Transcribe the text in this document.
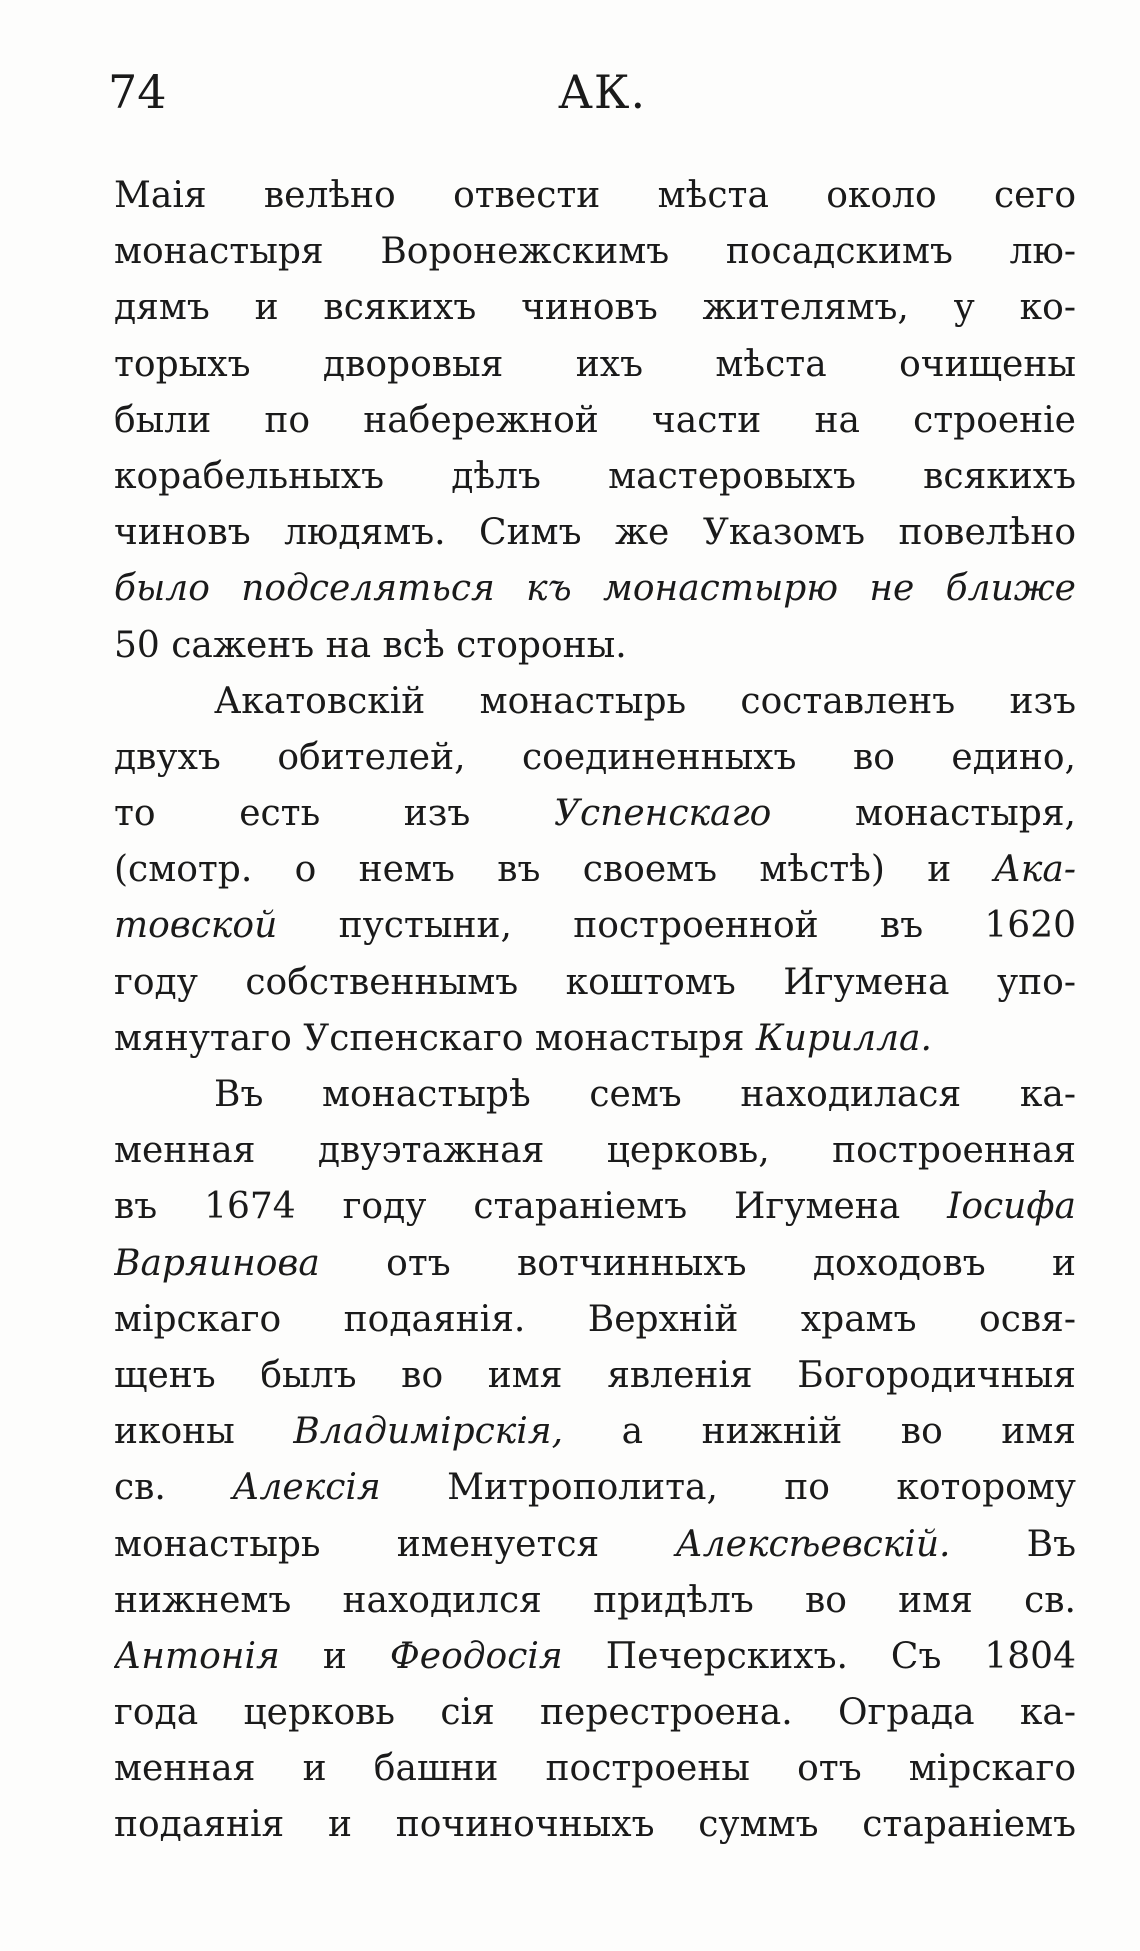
74	АК.
Маія велѣно отвести мѣста около сего
монастыря Воронежскимъ посадскимъ лю-
дямъ и всякихъ чиновъ жителямъ, у ко-
торыхъ дворовыя ихъ мѣста очищены
были по набережной части на строеніе
корабельныхъ дѣлъ мастеровыхъ всякихъ
чиновъ людямъ. Симъ же Указомъ повелѣно
было подселяться къ монастырю не ближе
50 саженъ на всѣ стороны.
Акатовскій монастырь составленъ изъ
двухъ обителей, соединенныхъ во едино,
то есть изъ Успенскаго монастыря,
(смотр. о немъ въ своемъ мѣстѣ) и Ака-
товской пустыни, построенной въ 1620
году собственнымъ коштомъ Игумена упо-
мянутаго Успенскаго монастыря Кирилла.
Въ монастырѣ семъ находилася ка-
менная двуэтажная церковь, построенная
въ 1674 году стараніемъ Игумена Іосифа
Варяинова отъ вотчинныхъ доходовъ и
мірскаго подаянія. Верхній храмъ освя-
щенъ былъ во имя явленія Богородичныя
иконы Владимірскія, а нижній во имя
св. Алексія Митрополита, по которому
монастырь именуется Алексѣевскій. Въ
нижнемъ находился придѣлъ во имя св.
Антонія и Феодосія Печерскихъ. Съ 1804
года церковь сія перестроена. Ограда ка-
менная и башни построены отъ мірскаго
подаянія и починочныхъ суммъ стараніемъ
